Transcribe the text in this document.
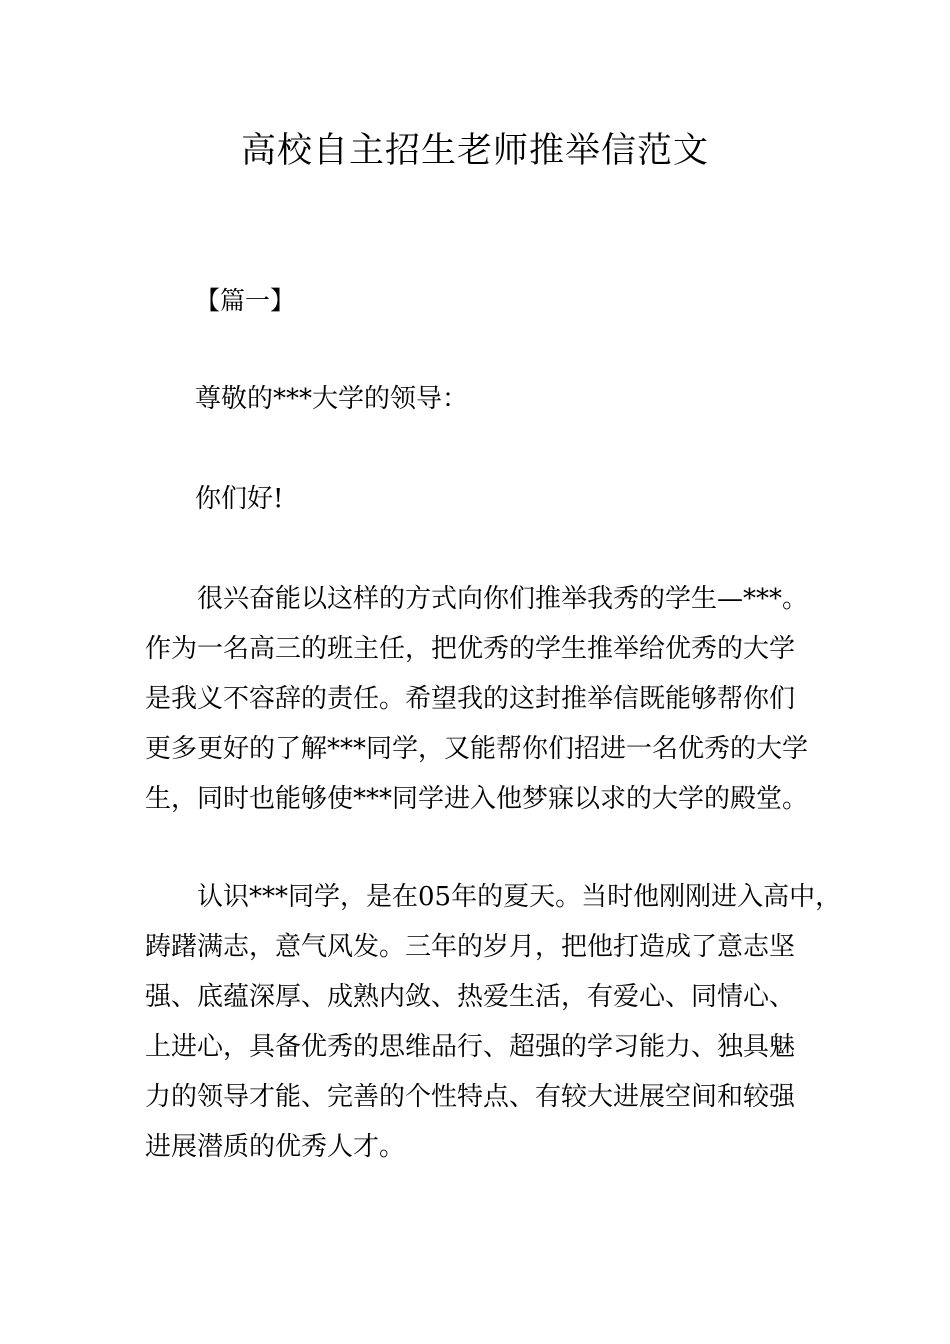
高校自主招生老师推举信范文
【篇一】
尊敬的***大学的领导：
你们好!
　　很兴奋能以这样的方式向你们推举我秀的学生—***。
作为一名高三的班主任，把优秀的学生推举给优秀的大学
是我义不容辞的责任。希望我的这封推举信既能够帮你们
更多更好的了解***同学，又能帮你们招进一名优秀的大学
生，同时也能够使***同学进入他梦寐以求的大学的殿堂。
　　认识***同学，是在05年的夏天。当时他刚刚进入高中，
踌躇满志，意气风发。三年的岁月，把他打造成了意志坚
强、底蕴深厚、成熟内敛、热爱生活，有爱心、同情心、
上进心，具备优秀的思维品行、超强的学习能力、独具魅
力的领导才能、完善的个性特点、有较大进展空间和较强
进展潜质的优秀人才。
